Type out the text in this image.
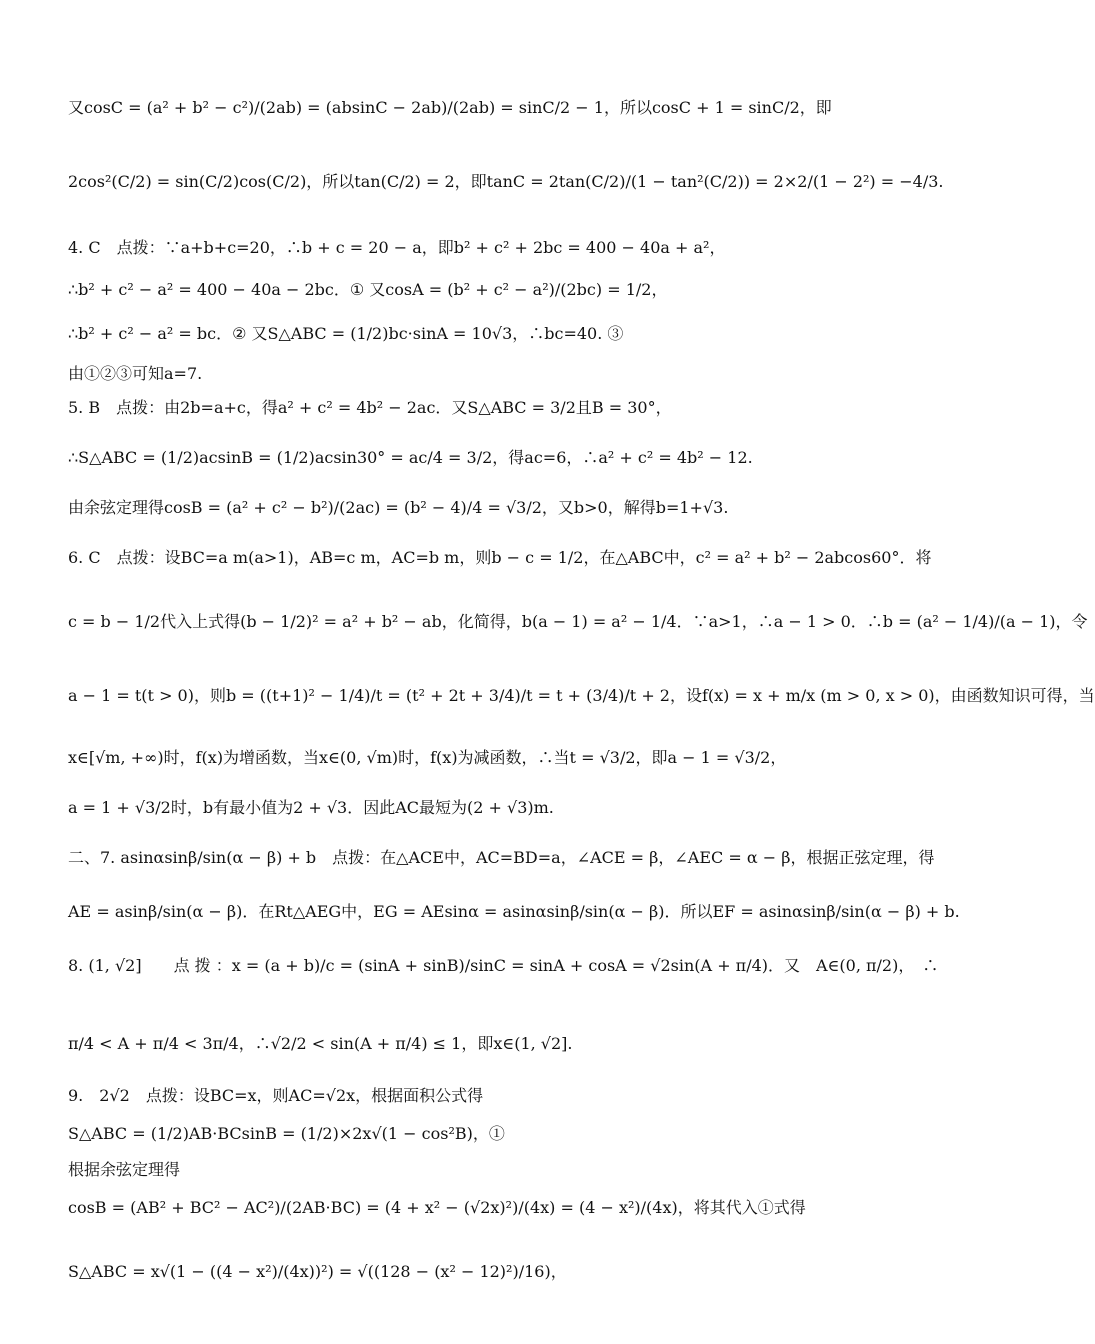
又cosC = (a² + b² − c²)/(2ab) = (absinC − 2ab)/(2ab) = sinC/2 − 1，所以cosC + 1 = sinC/2，即
2cos²(C/2) = sin(C/2)cos(C/2)，所以tan(C/2) = 2，即tanC = 2tan(C/2)/(1 − tan²(C/2)) = 2×2/(1 − 2²) = −4/3.
4. C　点拨：∵a+b+c=20，∴b + c = 20 − a，即b² + c² + 2bc = 400 − 40a + a²，
∴b² + c² − a² = 400 − 40a − 2bc．① 又cosA = (b² + c² − a²)/(2bc) = 1/2，
∴b² + c² − a² = bc．② 又S△ABC = (1/2)bc·sinA = 10√3，∴bc=40. ③
由①②③可知a=7.
5. B　点拨：由2b=a+c，得a² + c² = 4b² − 2ac．又S△ABC = 3/2且B = 30°，
∴S△ABC = (1/2)acsinB = (1/2)acsin30° = ac/4 = 3/2，得ac=6，∴a² + c² = 4b² − 12.
由余弦定理得cosB = (a² + c² − b²)/(2ac) = (b² − 4)/4 = √3/2，又b>0，解得b=1+√3.
6. C　点拨：设BC=a m(a>1)，AB=c m，AC=b m，则b − c = 1/2，在△ABC中，c² = a² + b² − 2abcos60°．将
c = b − 1/2代入上式得(b − 1/2)² = a² + b² − ab，化简得，b(a − 1) = a² − 1/4．∵a>1，∴a − 1 > 0．∴b = (a² − 1/4)/(a − 1)，令
a − 1 = t(t > 0)，则b = ((t+1)² − 1/4)/t = (t² + 2t + 3/4)/t = t + (3/4)/t + 2，设f(x) = x + m/x (m > 0, x > 0)，由函数知识可得，当
x∈[√m, +∞)时，f(x)为增函数，当x∈(0, √m)时，f(x)为减函数，∴当t = √3/2，即a − 1 = √3/2，
a = 1 + √3/2时，b有最小值为2 + √3．因此AC最短为(2 + √3)m.
二、7. asinαsinβ/sin(α − β) + b　点拨：在△ACE中，AC=BD=a，∠ACE = β，∠AEC = α − β，根据正弦定理，得
AE = asinβ/sin(α − β)．在Rt△AEG中，EG = AEsinα = asinαsinβ/sin(α − β)．所以EF = asinαsinβ/sin(α − β) + b.
8. (1, √2]　　点 拨 ：x = (a + b)/c = (sinA + sinB)/sinC = sinA + cosA = √2sin(A + π/4)．又　A∈(0, π/2)，　∴
π/4 < A + π/4 < 3π/4，∴√2/2 < sin(A + π/4) ≤ 1，即x∈(1, √2].
9.　2√2　点拨：设BC=x，则AC=√2x，根据面积公式得
S△ABC = (1/2)AB·BCsinB = (1/2)×2x√(1 − cos²B)，①
根据余弦定理得
cosB = (AB² + BC² − AC²)/(2AB·BC) = (4 + x² − (√2x)²)/(4x) = (4 − x²)/(4x)，将其代入①式得
S△ABC = x√(1 − ((4 − x²)/(4x))²) = √((128 − (x² − 12)²)/16)，
